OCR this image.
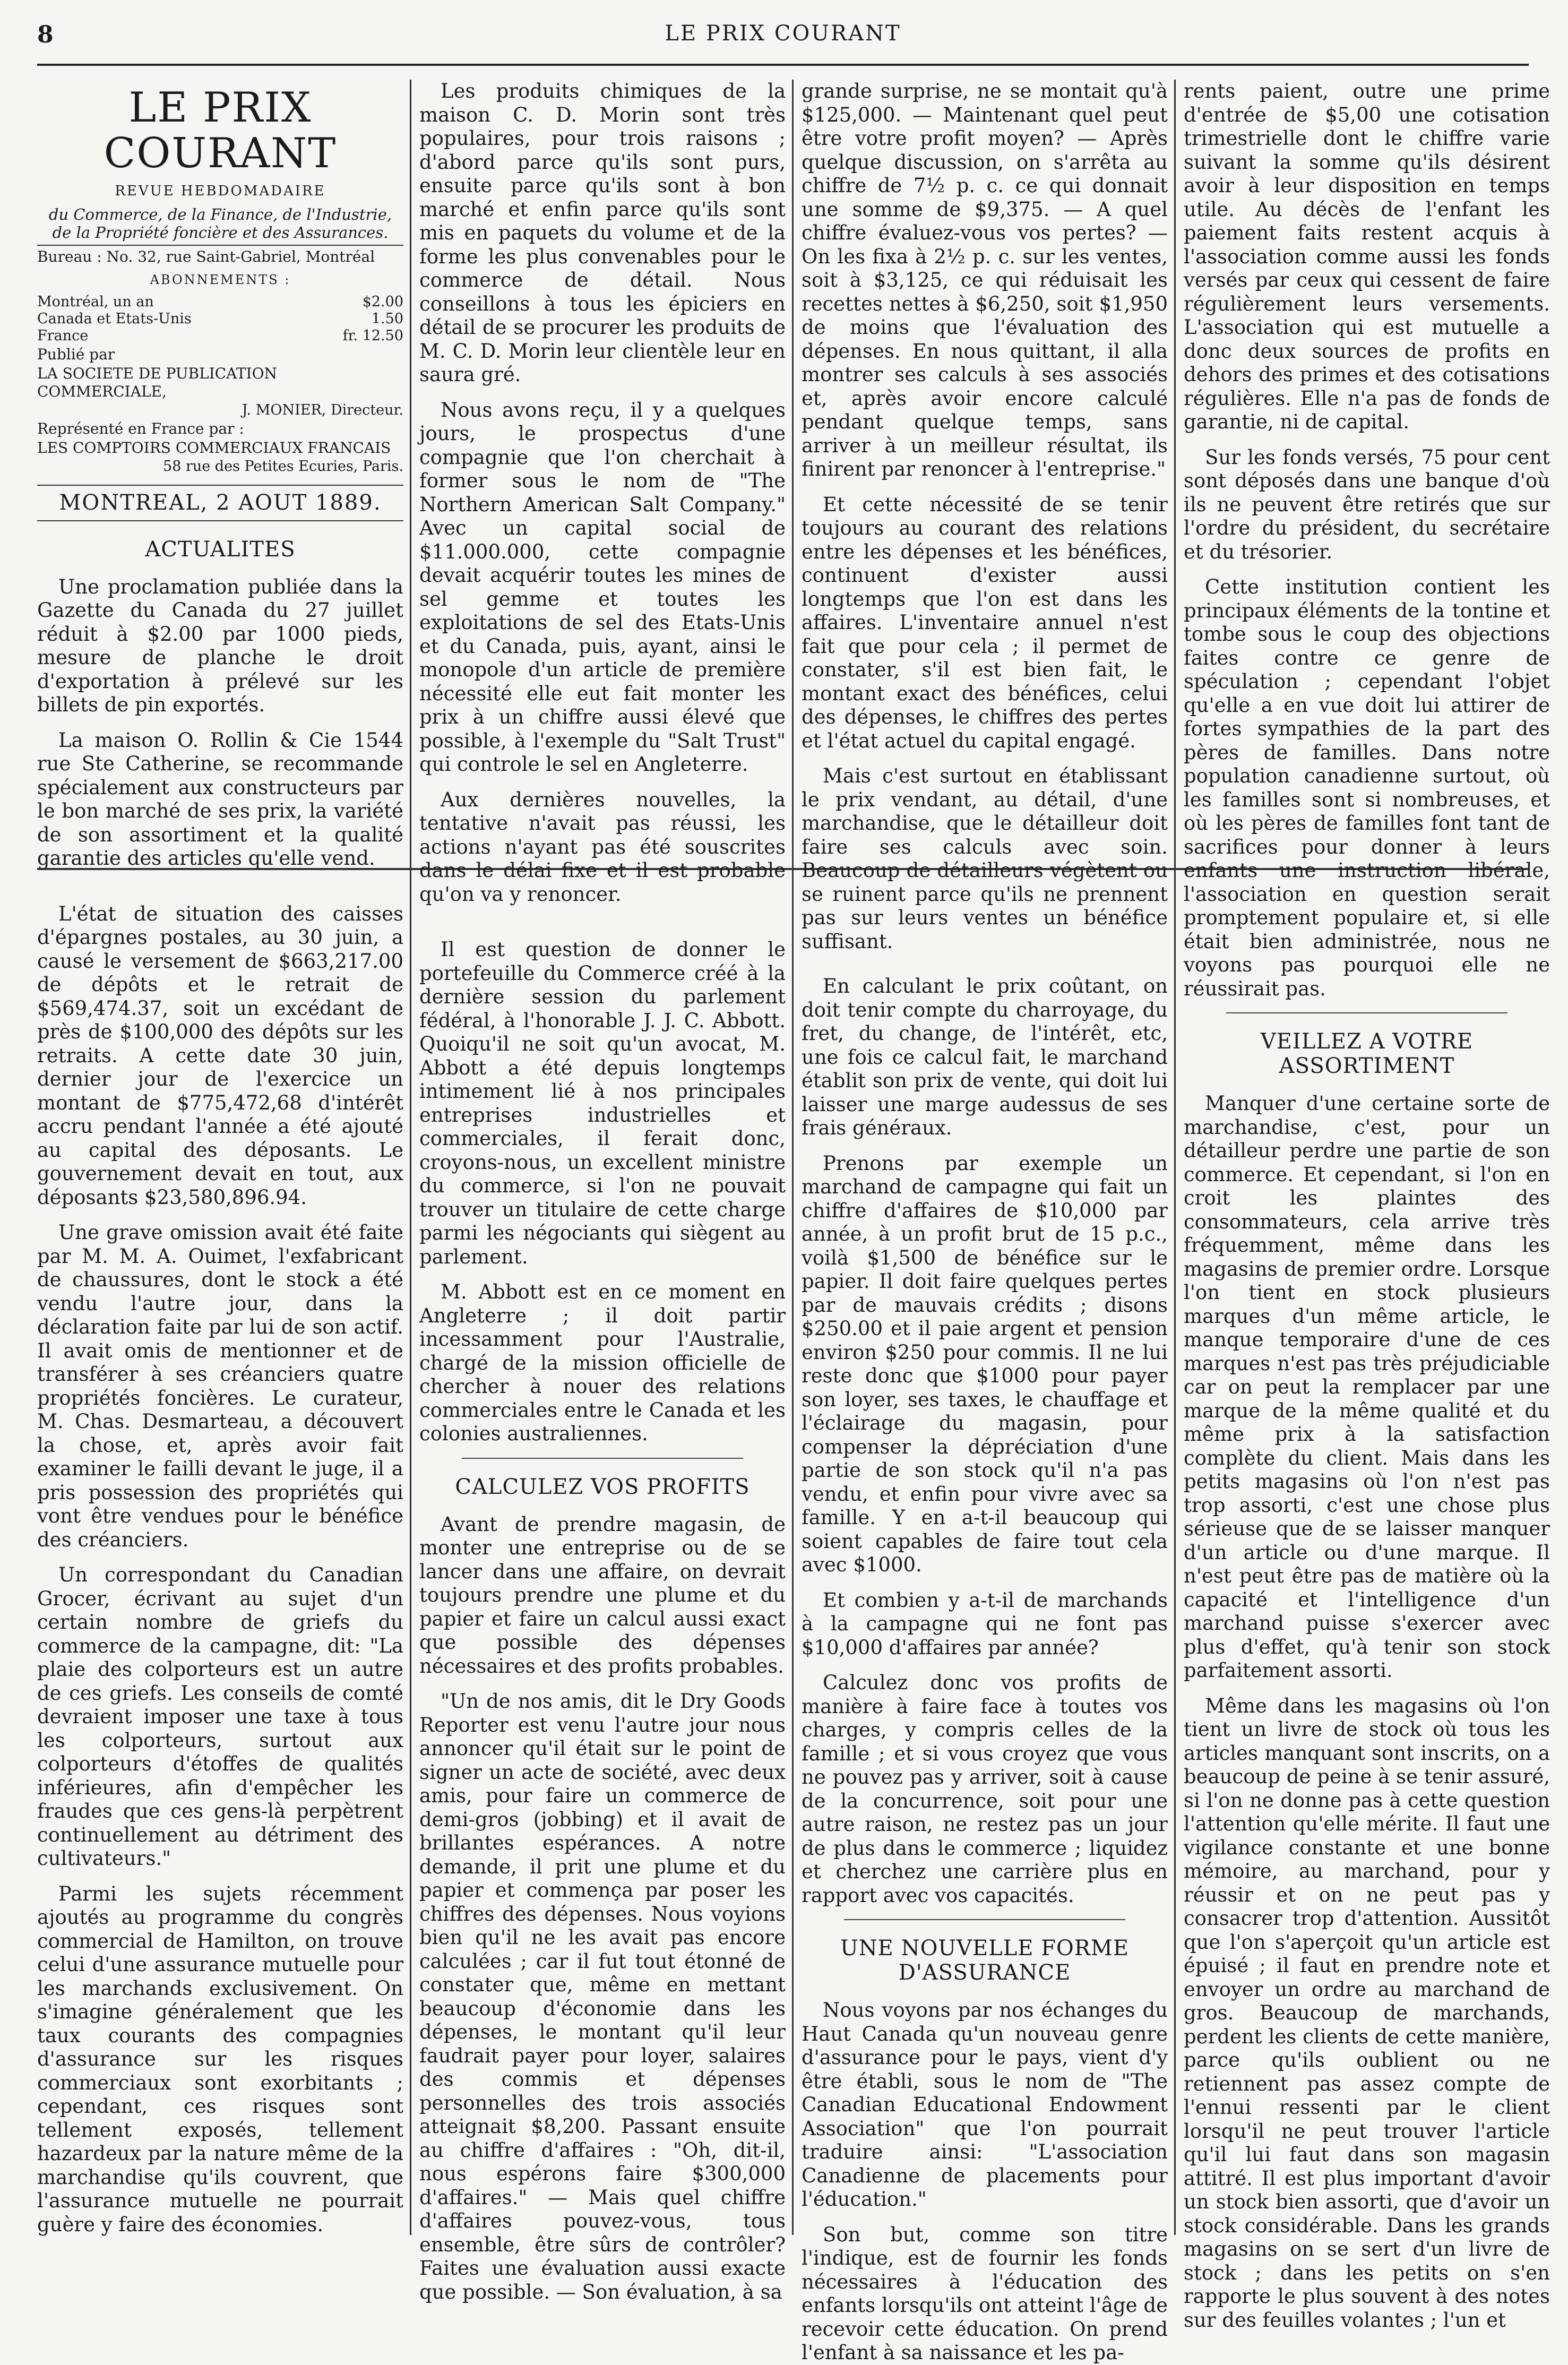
8	LE PRIX COURANT
LE PRIX COURANT
REVUE HEBDOMADAIRE
du Commerce, de la Finance, de l'Industrie, de la Propriété foncière et des Assurances.
Bureau : No. 32, rue Saint-Gabriel, Montréal
ABONNEMENTS :
Montréal, un an	$2.00
Canada et Etats-Unis	1.50
France	fr. 12.50
Publié par
LA SOCIETE DE PUBLICATION COMMERCIALE,
J. MONIER, Directeur.
Représenté en France par :
LES COMPTOIRS COMMERCIAUX FRANCAIS
58 rue des Petites Ecuries, Paris.
MONTREAL, 2 AOUT 1889.
ACTUALITES

Une proclamation publiée dans la Gazette du Canada du 27 juillet réduit à $2.00 par 1000 pieds, mesure de planche le droit d'exportation à prélevé sur les billets de pin exportés.

La maison O. Rollin & Cie 1544 rue Ste Catherine, se recommande spécialement aux constructeurs par le bon marché de ses prix, la variété de son assortiment et la qualité garantie des articles qu'elle vend.

L'état de situation des caisses d'épargnes postales, au 30 juin, a causé le versement de $663,217.00 de dépôts et le retrait de $569,474.37, soit un excédant de près de $100,000 des dépôts sur les retraits. A cette date 30 juin, dernier jour de l'exercice un montant de $775,472,68 d'intérêt accru pendant l'année a été ajouté au capital des déposants. Le gouvernement devait en tout, aux déposants $23,580,896.94.

Une grave omission avait été faite par M. M. A. Ouimet, l'exfabricant de chaussures, dont le stock a été vendu l'autre jour, dans la déclaration faite par lui de son actif. Il avait omis de mentionner et de transférer à ses créanciers quatre propriétés foncières. Le curateur, M. Chas. Desmarteau, a découvert la chose, et, après avoir fait examiner le failli devant le juge, il a pris possession des propriétés qui vont être vendues pour le bénéfice des créanciers.

Un correspondant du Canadian Grocer, écrivant au sujet d'un certain nombre de griefs du commerce de la campagne, dit: "La plaie des colporteurs est un autre de ces griefs. Les conseils de comté devraient imposer une taxe à tous les colporteurs, surtout aux colporteurs d'étoffes de qualités inférieures, afin d'empêcher les fraudes que ces gens-là perpètrent continuellement au détriment des cultivateurs."

Parmi les sujets récemment ajoutés au programme du congrès commercial de Hamilton, on trouve celui d'une assurance mutuelle pour les marchands exclusivement. On s'imagine généralement que les taux courants des compagnies d'assurance sur les risques commerciaux sont exorbitants ; cependant, ces risques sont tellement exposés, tellement hazardeux par la nature même de la marchandise qu'ils couvrent, que l'assurance mutuelle ne pourrait guère y faire des économies.

Les produits chimiques de la maison C. D. Morin sont très populaires, pour trois raisons ; d'abord parce qu'ils sont purs, ensuite parce qu'ils sont à bon marché et enfin parce qu'ils sont mis en paquets du volume et de la forme les plus convenables pour le commerce de détail. Nous conseillons à tous les épiciers en détail de se procurer les produits de M. C. D. Morin leur clientèle leur en saura gré.

Nous avons reçu, il y a quelques jours, le prospectus d'une compagnie que l'on cherchait à former sous le nom de "The Northern American Salt Company." Avec un capital social de $11.000.000, cette compagnie devait acquérir toutes les mines de sel gemme et toutes les exploitations de sel des Etats-Unis et du Canada, puis, ayant, ainsi le monopole d'un article de première nécessité elle eut fait monter les prix à un chiffre aussi élevé que possible, à l'exemple du "Salt Trust" qui controle le sel en Angleterre.

Aux dernières nouvelles, la tentative n'avait pas réussi, les actions n'ayant pas été souscrites dans le délai fixe et il est probable qu'on va y renoncer.

Il est question de donner le portefeuille du Commerce créé à la dernière session du parlement fédéral, à l'honorable J. J. C. Abbott. Quoiqu'il ne soit qu'un avocat, M. Abbott a été depuis longtemps intimement lié à nos principales entreprises industrielles et commerciales, il ferait donc, croyons-nous, un excellent ministre du commerce, si l'on ne pouvait trouver un titulaire de cette charge parmi les négociants qui siègent au parlement.

M. Abbott est en ce moment en Angleterre ; il doit partir incessamment pour l'Australie, chargé de la mission officielle de chercher à nouer des relations commerciales entre le Canada et les colonies australiennes.

CALCULEZ VOS PROFITS

Avant de prendre magasin, de monter une entreprise ou de se lancer dans une affaire, on devrait toujours prendre une plume et du papier et faire un calcul aussi exact que possible des dépenses nécessaires et des profits probables.

"Un de nos amis, dit le Dry Goods Reporter est venu l'autre jour nous annoncer qu'il était sur le point de signer un acte de société, avec deux amis, pour faire un commerce de demi-gros (jobbing) et il avait de brillantes espérances. A notre demande, il prit une plume et du papier et commença par poser les chiffres des dépenses. Nous voyions bien qu'il ne les avait pas encore calculées ; car il fut tout étonné de constater que, même en mettant beaucoup d'économie dans les dépenses, le montant qu'il leur faudrait payer pour loyer, salaires des commis et dépenses personnelles des trois associés atteignait $8,200. Passant ensuite au chiffre d'affaires : "Oh, dit-il, nous espérons faire $300,000 d'affaires." — Mais quel chiffre d'affaires pouvez-vous, tous ensemble, être sûrs de contrôler? Faites une évaluation aussi exacte que possible. — Son évaluation, à sa

grande surprise, ne se montait qu'à $125,000. — Maintenant quel peut être votre profit moyen? — Après quelque discussion, on s'arrêta au chiffre de 7½ p. c. ce qui donnait une somme de $9,375. — A quel chiffre évaluez-vous vos pertes? — On les fixa à 2½ p. c. sur les ventes, soit à $3,125, ce qui réduisait les recettes nettes à $6,250, soit $1,950 de moins que l'évaluation des dépenses. En nous quittant, il alla montrer ses calculs à ses associés et, après avoir encore calculé pendant quelque temps, sans arriver à un meilleur résultat, ils finirent par renoncer à l'entreprise."

Et cette nécessité de se tenir toujours au courant des relations entre les dépenses et les bénéfices, continuent d'exister aussi longtemps que l'on est dans les affaires. L'inventaire annuel n'est fait que pour cela ; il permet de constater, s'il est bien fait, le montant exact des bénéfices, celui des dépenses, le chiffres des pertes et l'état actuel du capital engagé.

Mais c'est surtout en établissant le prix vendant, au détail, d'une marchandise, que le détailleur doit faire ses calculs avec soin. Beaucoup de détailleurs végètent ou se ruinent parce qu'ils ne prennent pas sur leurs ventes un bénéfice suffisant.

En calculant le prix coûtant, on doit tenir compte du charroyage, du fret, du change, de l'intérêt, etc, une fois ce calcul fait, le marchand établit son prix de vente, qui doit lui laisser une marge audessus de ses frais généraux.

Prenons par exemple un marchand de campagne qui fait un chiffre d'affaires de $10,000 par année, à un profit brut de 15 p.c., voilà $1,500 de bénéfice sur le papier. Il doit faire quelques pertes par de mauvais crédits ; disons $250.00 et il paie argent et pension environ $250 pour commis. Il ne lui reste donc que $1000 pour payer son loyer, ses taxes, le chauffage et l'éclairage du magasin, pour compenser la dépréciation d'une partie de son stock qu'il n'a pas vendu, et enfin pour vivre avec sa famille. Y en a-t-il beaucoup qui soient capables de faire tout cela avec $1000.

Et combien y a-t-il de marchands à la campagne qui ne font pas $10,000 d'affaires par année?

Calculez donc vos profits de manière à faire face à toutes vos charges, y compris celles de la famille ; et si vous croyez que vous ne pouvez pas y arriver, soit à cause de la concurrence, soit pour une autre raison, ne restez pas un jour de plus dans le commerce ; liquidez et cherchez une carrière plus en rapport avec vos capacités.

UNE NOUVELLE FORME D'ASSURANCE

Nous voyons par nos échanges du Haut Canada qu'un nouveau genre d'assurance pour le pays, vient d'y être établi, sous le nom de "The Canadian Educational Endowment Association" que l'on pourrait traduire ainsi: "L'association Canadienne de placements pour l'éducation."

Son but, comme son titre l'indique, est de fournir les fonds nécessaires à l'éducation des enfants lorsqu'ils ont atteint l'âge de recevoir cette éducation. On prend l'enfant à sa naissance et les pa-

rents paient, outre une prime d'entrée de $5,00 une cotisation trimestrielle dont le chiffre varie suivant la somme qu'ils désirent avoir à leur disposition en temps utile. Au décès de l'enfant les paiement faits restent acquis à l'association comme aussi les fonds versés par ceux qui cessent de faire régulièrement leurs versements. L'association qui est mutuelle a donc deux sources de profits en dehors des primes et des cotisations régulières. Elle n'a pas de fonds de garantie, ni de capital.

Sur les fonds versés, 75 pour cent sont déposés dans une banque d'où ils ne peuvent être retirés que sur l'ordre du président, du secrétaire et du trésorier.

Cette institution contient les principaux éléments de la tontine et tombe sous le coup des objections faites contre ce genre de spéculation ; cependant l'objet qu'elle a en vue doit lui attirer de fortes sympathies de la part des pères de familles. Dans notre population canadienne surtout, où les familles sont si nombreuses, et où les pères de familles font tant de sacrifices pour donner à leurs enfants une instruction libérale, l'association en question serait promptement populaire et, si elle était bien administrée, nous ne voyons pas pourquoi elle ne réussirait pas.

VEILLEZ A VOTRE ASSORTIMENT

Manquer d'une certaine sorte de marchandise, c'est, pour un détailleur perdre une partie de son commerce. Et cependant, si l'on en croit les plaintes des consommateurs, cela arrive très fréquemment, même dans les magasins de premier ordre. Lorsque l'on tient en stock plusieurs marques d'un même article, le manque temporaire d'une de ces marques n'est pas très préjudiciable car on peut la remplacer par une marque de la même qualité et du même prix à la satisfaction complète du client. Mais dans les petits magasins où l'on n'est pas trop assorti, c'est une chose plus sérieuse que de se laisser manquer d'un article ou d'une marque. Il n'est peut être pas de matière où la capacité et l'intelligence d'un marchand puisse s'exercer avec plus d'effet, qu'à tenir son stock parfaitement assorti.

Même dans les magasins où l'on tient un livre de stock où tous les articles manquant sont inscrits, on a beaucoup de peine à se tenir assuré, si l'on ne donne pas à cette question l'attention qu'elle mérite. Il faut une vigilance constante et une bonne mémoire, au marchand, pour y réussir et on ne peut pas y consacrer trop d'attention. Aussitôt que l'on s'aperçoit qu'un article est épuisé ; il faut en prendre note et envoyer un ordre au marchand de gros. Beaucoup de marchands, perdent les clients de cette manière, parce qu'ils oublient ou ne retiennent pas assez compte de l'ennui ressenti par le client lorsqu'il ne peut trouver l'article qu'il lui faut dans son magasin attitré. Il est plus important d'avoir un stock bien assorti, que d'avoir un stock considérable. Dans les grands magasins on se sert d'un livre de stock ; dans les petits on s'en rapporte le plus souvent à des notes sur des feuilles volantes ; l'un et
